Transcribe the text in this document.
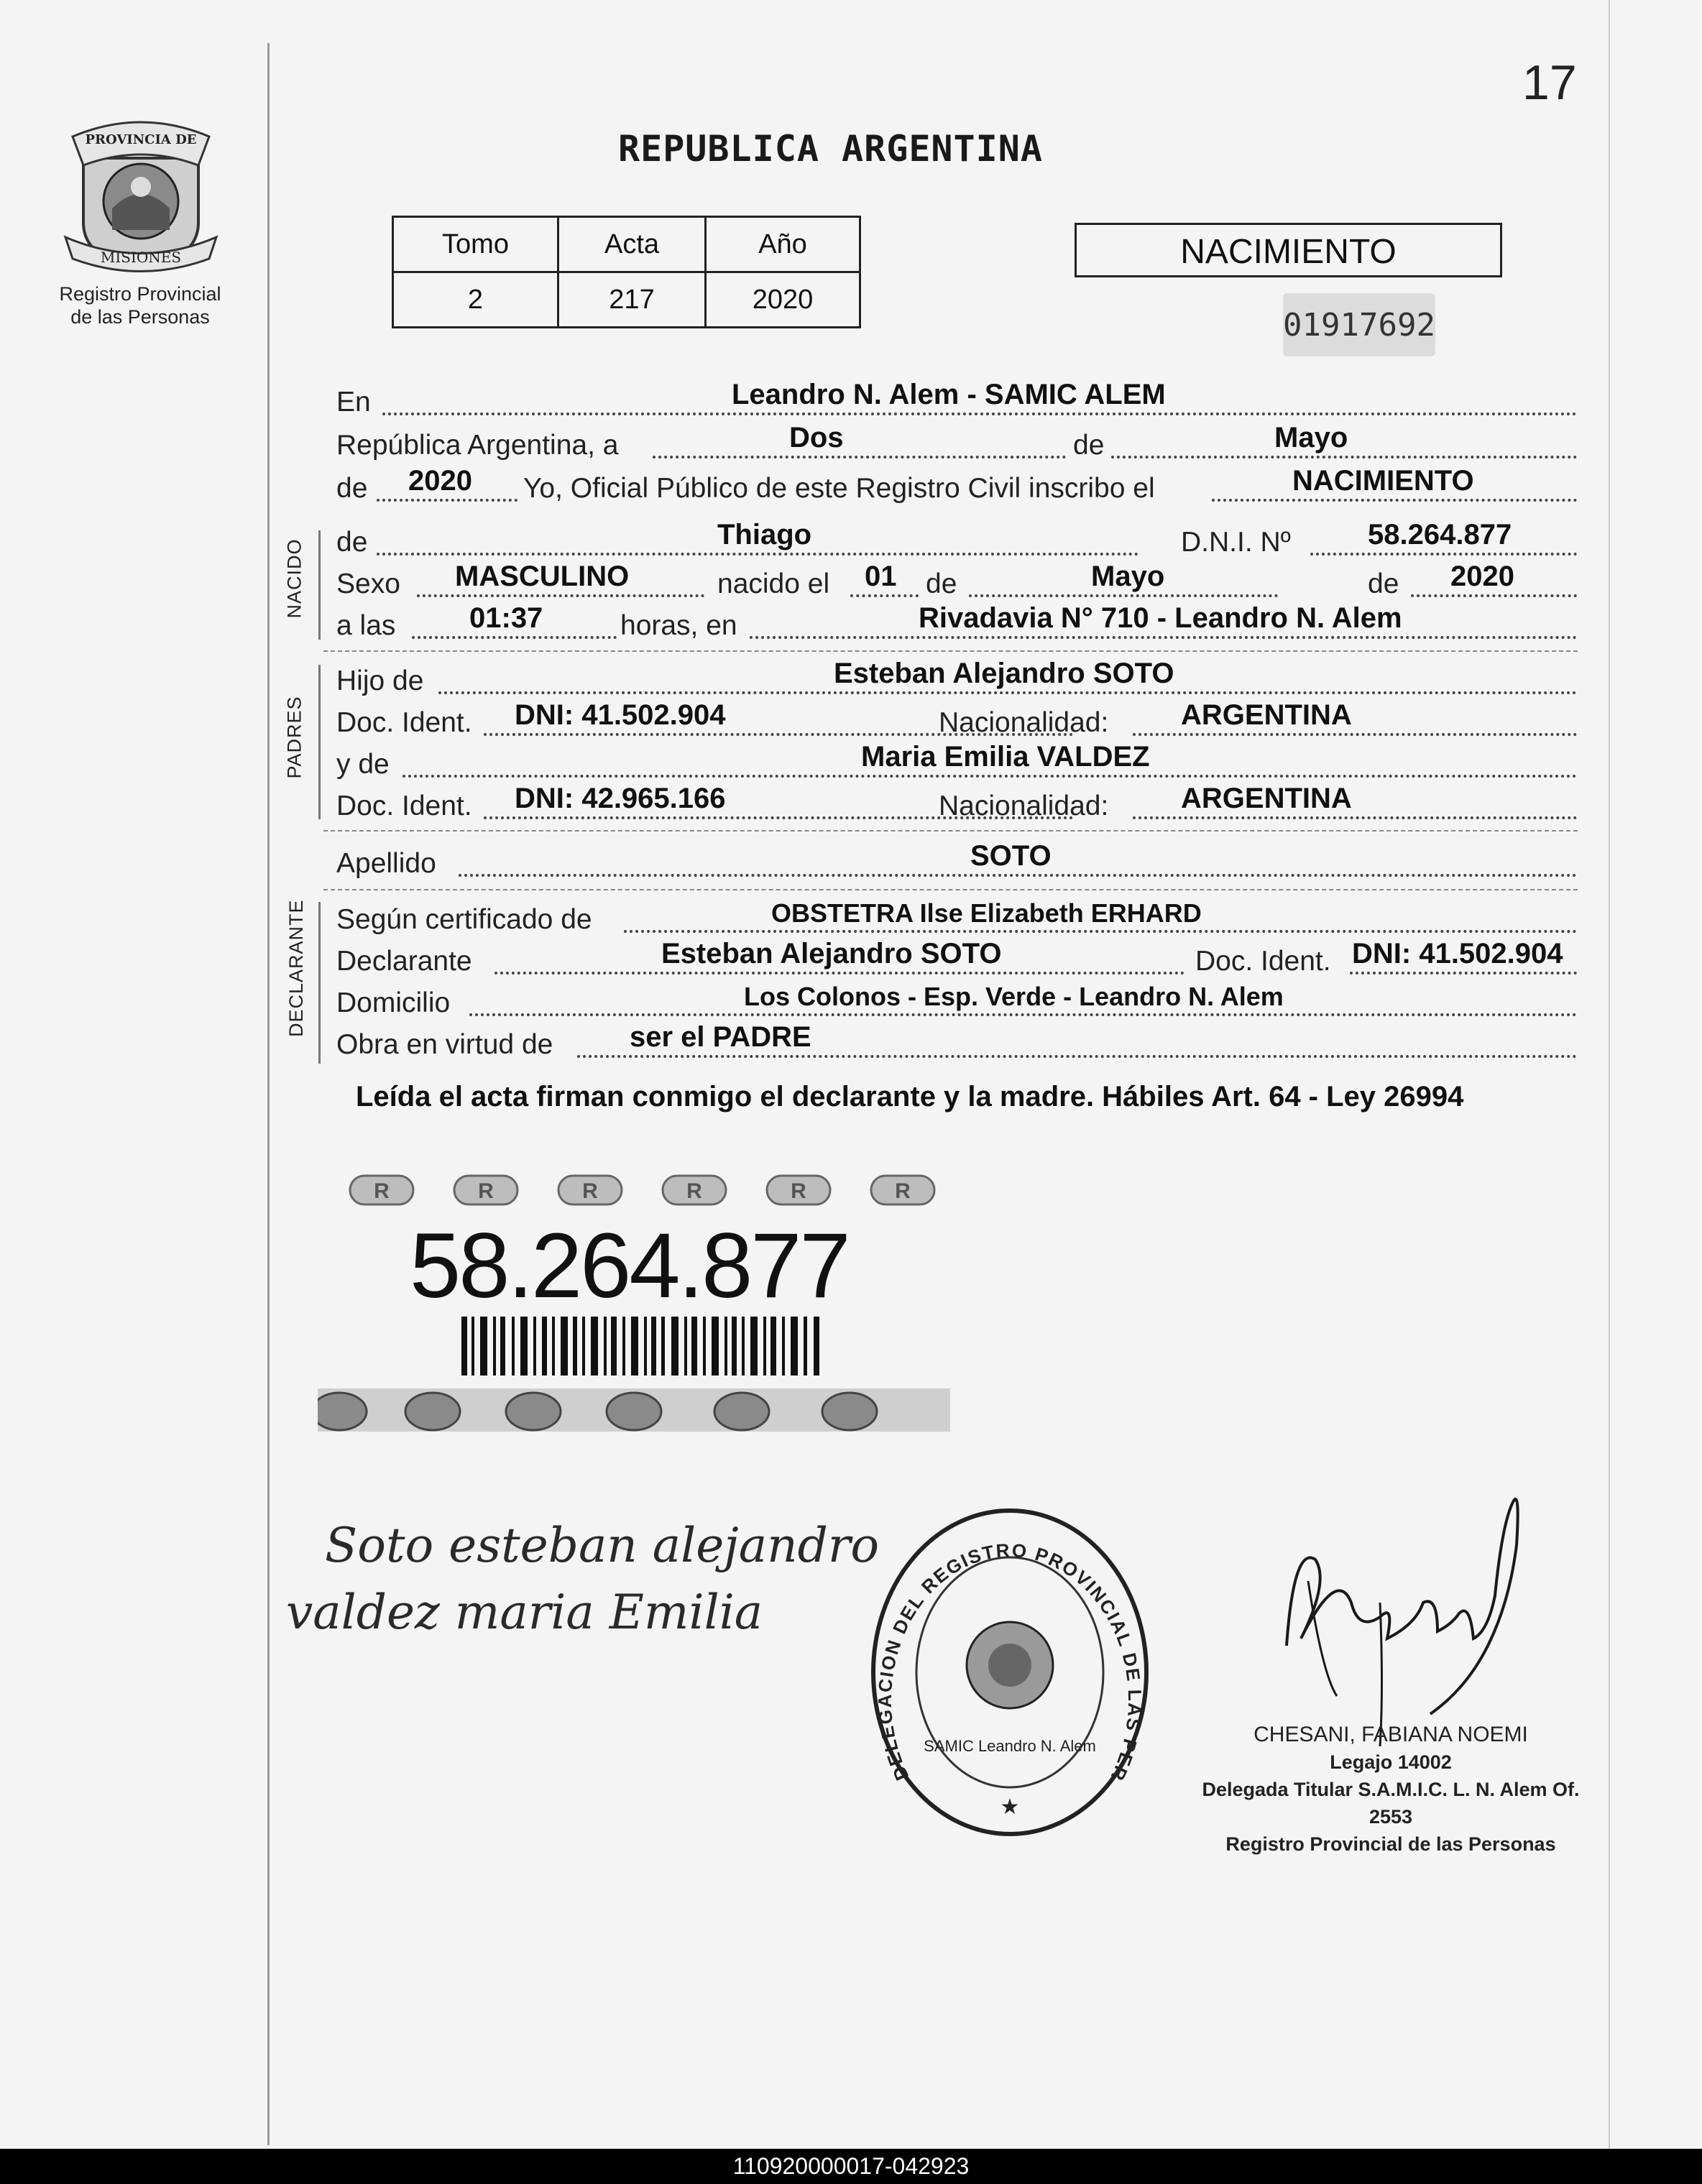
17
PROVINCIA DE
MISIONES
Registro Provincial
de las Personas
REPUBLICA ARGENTINA
Tomo	Acta	Año
2	217	2020
NACIMIENTO
01917692
En	Leandro N. Alem - SAMIC ALEM
República Argentina, a	Dos	de	Mayo
de 2020 Yo, Oficial Público de este Registro Civil inscribo el	NACIMIENTO
NACIDO de	Thiago	D.N.I. Nº	58.264.877
Sexo MASCULINO	nacido el 01 de	Mayo	de 2020
a las	01:37	horas, en	Rivadavia N° 710 - Leandro N. Alem
PADRES
Hijo de	Esteban Alejandro SOTO
Doc. Ident. DNI: 41.502.904	Nacionalidad:	ARGENTINA
y de	Maria Emilia VALDEZ
Doc. Ident. DNI: 42.965.166	Nacionalidad:	ARGENTINA
Apellido	SOTO
DECLARANTE Según certificado de	OBSTETRA Ilse Elizabeth ERHARD
Declarante	Esteban Alejandro SOTO	Doc. Ident. DNI: 41.502.904
Domicilio	Los Colonos - Esp. Verde - Leandro N. Alem
Obra en virtud de	ser el PADRE
Leída el acta firman conmigo el declarante y la madre. Hábiles Art. 64 - Ley 26994
R	R	R	R	R	R
58.264.877
Soto esteban alejandro
valdez maria Emilia
DELEGACION DEL REGISTRO PROVINCIAL DE LAS PER
SAMIC Leandro N. Alem
★
CHESANI, FABIANA NOEMI
Legajo 14002
Delegada Titular S.A.M.I.C. L. N. Alem Of. 2553
Registro Provincial de las Personas
110920000017-042923
